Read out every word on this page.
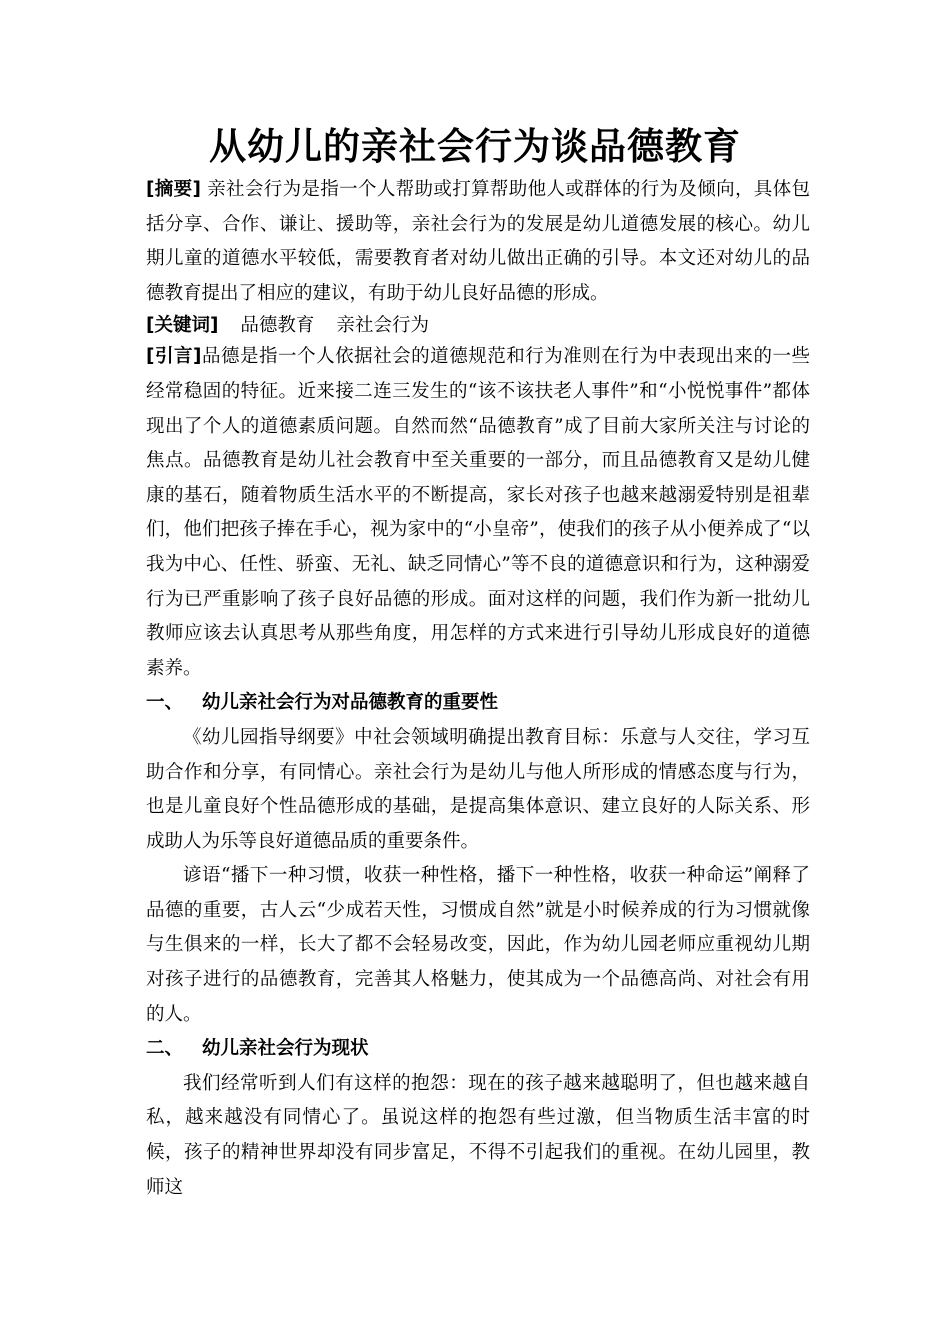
从幼儿的亲社会行为谈品德教育

[摘要] 亲社会行为是指一个人帮助或打算帮助他人或群体的行为及倾向，具体包括分享、合作、谦让、援助等，亲社会行为的发展是幼儿道德发展的核心。幼儿期儿童的道德水平较低，需要教育者对幼儿做出正确的引导。本文还对幼儿的品德教育提出了相应的建议，有助于幼儿良好品德的形成。

[关键词] 品德教育 亲社会行为

[引言]品德是指一个人依据社会的道德规范和行为准则在行为中表现出来的一些经常稳固的特征。近来接二连三发生的“该不该扶老人事件”和“小悦悦事件”都体现出了个人的道德素质问题。自然而然“品德教育”成了目前大家所关注与讨论的焦点。品德教育是幼儿社会教育中至关重要的一部分，而且品德教育又是幼儿健康的基石，随着物质生活水平的不断提高，家长对孩子也越来越溺爱特别是祖辈们，他们把孩子捧在手心，视为家中的“小皇帝”，使我们的孩子从小便养成了“以我为中心、任性、骄蛮、无礼、缺乏同情心”等不良的道德意识和行为，这种溺爱行为已严重影响了孩子良好品德的形成。面对这样的问题，我们作为新一批幼儿教师应该去认真思考从那些角度，用怎样的方式来进行引导幼儿形成良好的道德素养。

一、 幼儿亲社会行为对品德教育的重要性

《幼儿园指导纲要》中社会领域明确提出教育目标：乐意与人交往，学习互助合作和分享，有同情心。亲社会行为是幼儿与他人所形成的情感态度与行为，也是儿童良好个性品德形成的基础，是提高集体意识、建立良好的人际关系、形成助人为乐等良好道德品质的重要条件。

谚语“播下一种习惯，收获一种性格，播下一种性格，收获一种命运”阐释了品德的重要，古人云“少成若天性，习惯成自然”就是小时候养成的行为习惯就像与生俱来的一样，长大了都不会轻易改变，因此，作为幼儿园老师应重视幼儿期对孩子进行的品德教育，完善其人格魅力，使其成为一个品德高尚、对社会有用的人。

二、 幼儿亲社会行为现状

我们经常听到人们有这样的抱怨：现在的孩子越来越聪明了，但也越来越自私，越来越没有同情心了。虽说这样的抱怨有些过激，但当物质生活丰富的时候，孩子的精神世界却没有同步富足，不得不引起我们的重视。在幼儿园里，教师这
